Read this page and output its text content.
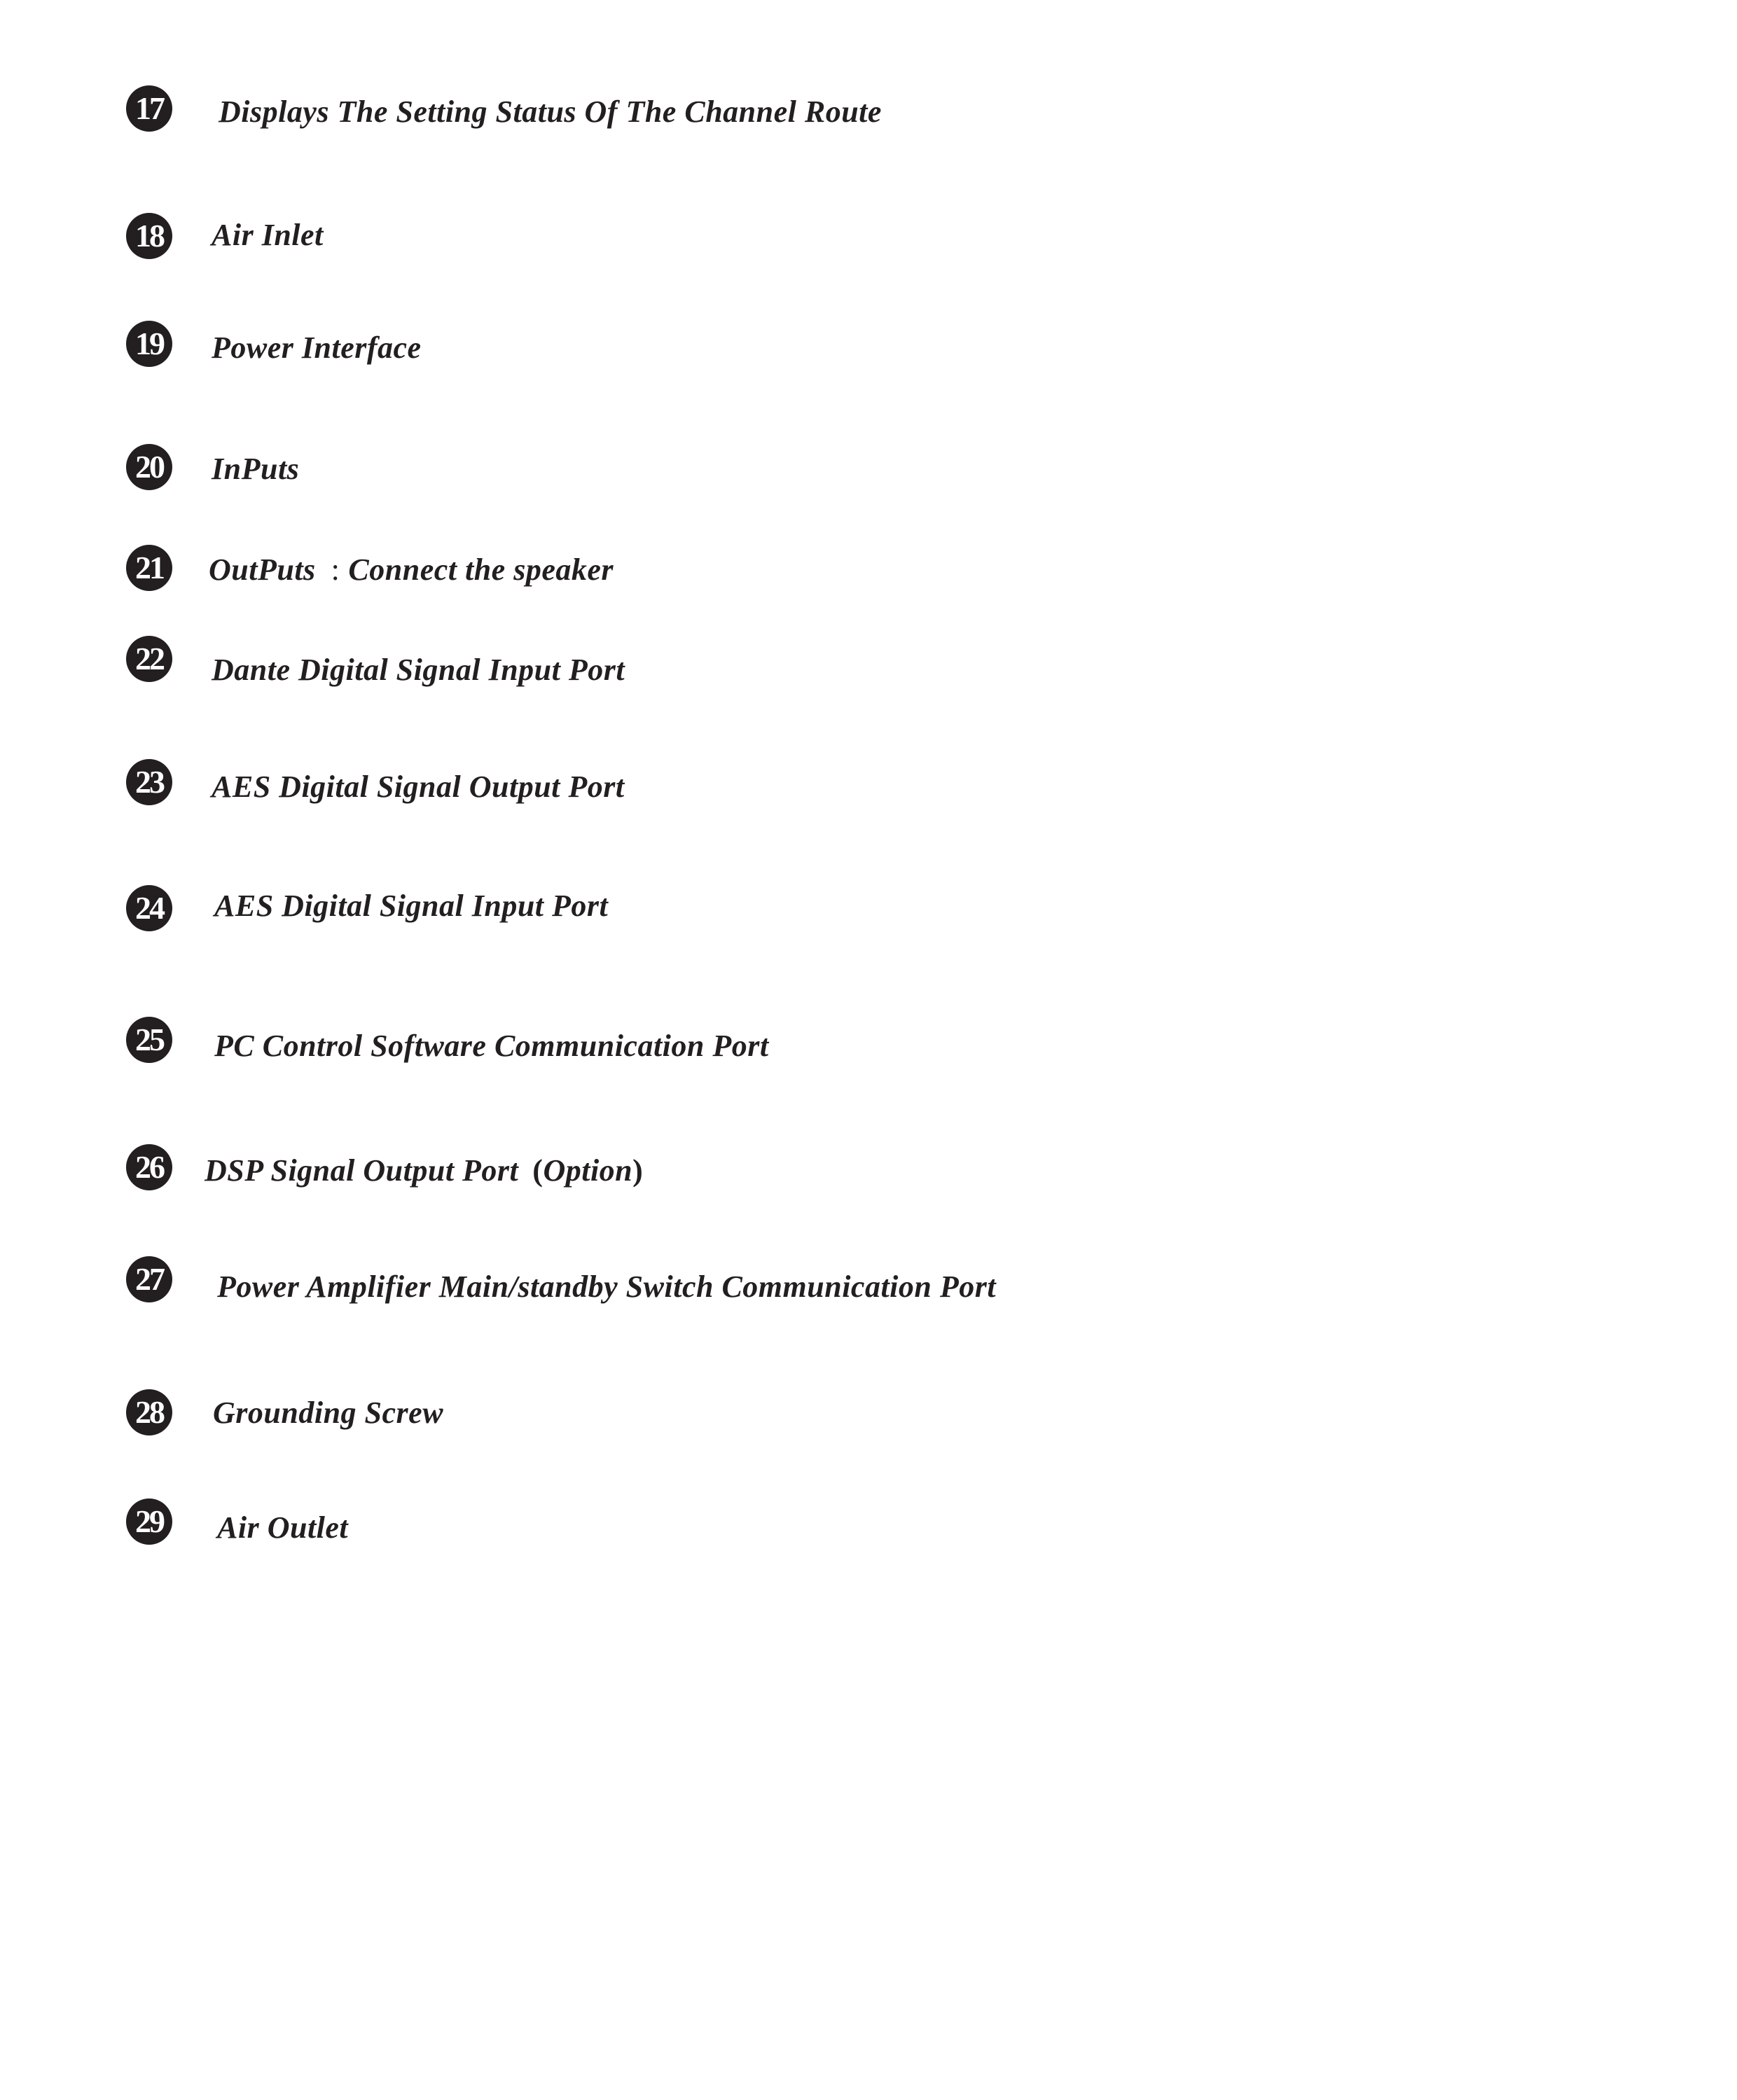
17 Displays The Setting Status Of The Channel Route
18 Air Inlet
19 Power Interface
20 InPuts
21 OutPuts : Connect the speaker
22 Dante Digital Signal Input Port
23 AES Digital Signal Output Port
24 AES Digital Signal Input Port
25 PC Control Software Communication Port
26 DSP Signal Output Port (Option)
27 Power Amplifier Main/standby Switch Communication Port
28 Grounding Screw
29 Air Outlet
